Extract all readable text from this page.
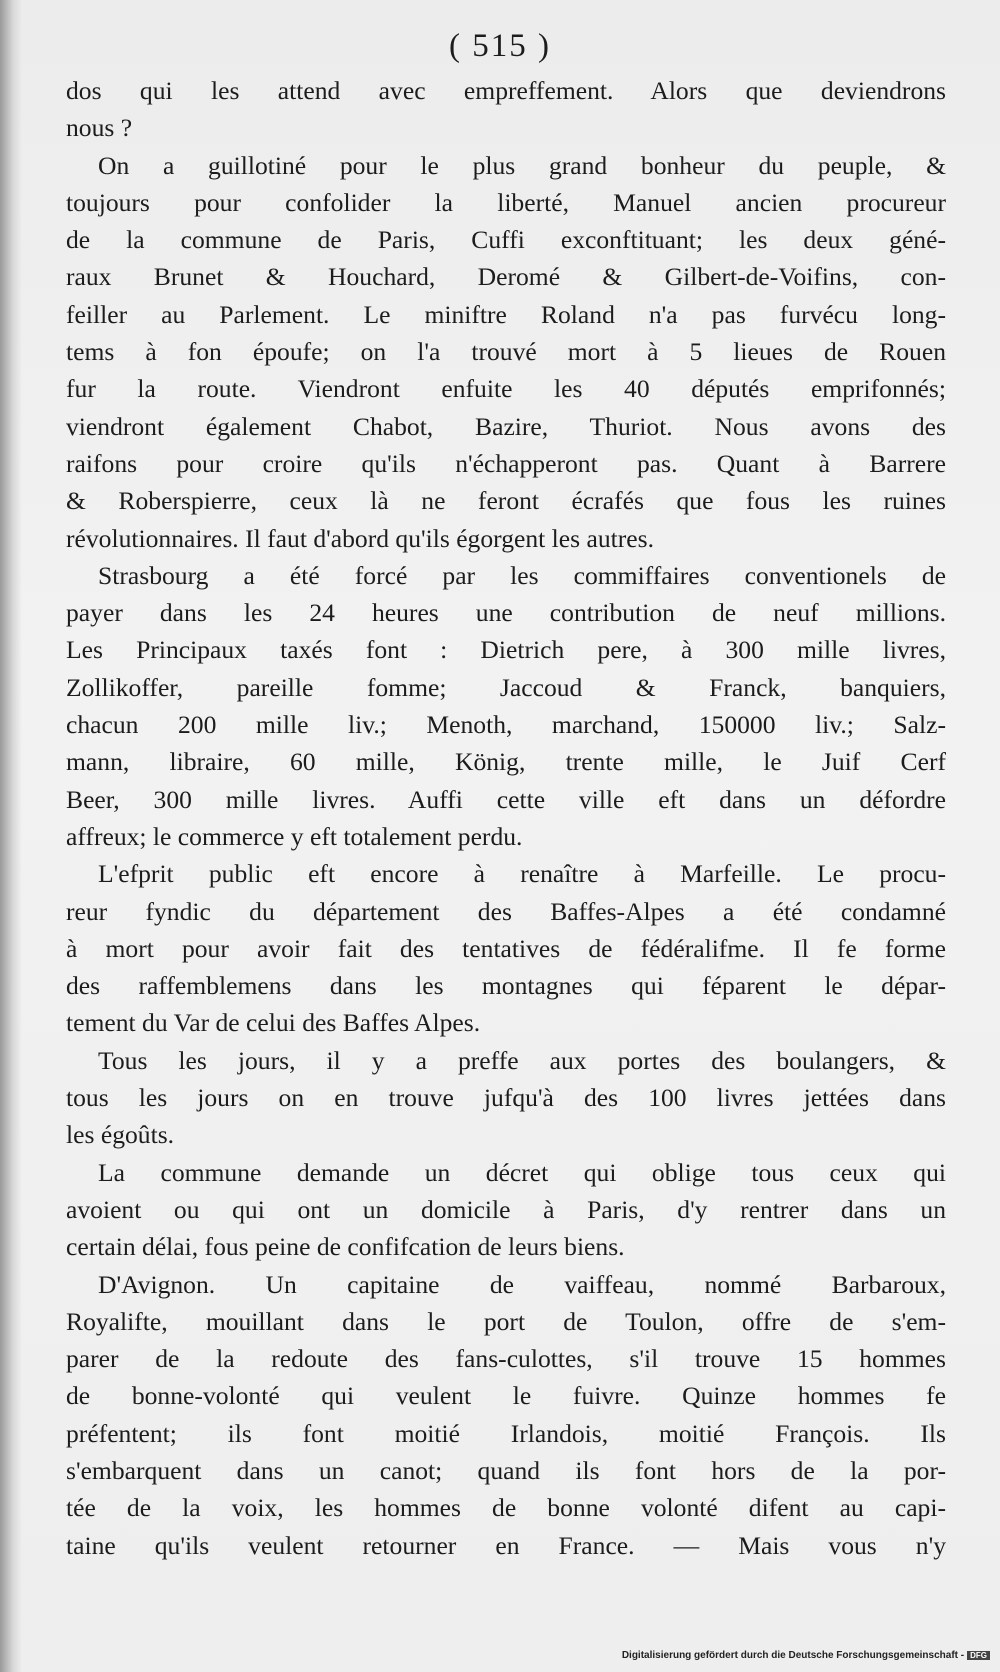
( 515 )
dos qui les attend avec empreffement. Alors que deviendrons
nous ?
On a guillotiné pour le plus grand bonheur du peuple, &
toujours pour confolider la liberté, Manuel ancien procureur
de la commune de Paris, Cuffi exconftituant; les deux géné-
raux Brunet & Houchard, Deromé & Gilbert-de-Voifins, con-
feiller au Parlement. Le miniftre Roland n'a pas furvécu long-
tems à fon époufe; on l'a trouvé mort à 5 lieues de Rouen
fur la route. Viendront enfuite les 40 députés emprifonnés;
viendront également Chabot, Bazire, Thuriot. Nous avons des
raifons pour croire qu'ils n'échapperont pas. Quant à Barrere
& Roberspierre, ceux là ne feront écrafés que fous les ruines
révolutionnaires. Il faut d'abord qu'ils égorgent les autres.
Strasbourg a été forcé par les commiffaires conventionels de
payer dans les 24 heures une contribution de neuf millions.
Les Principaux taxés font : Dietrich pere, à 300 mille livres,
Zollikoffer, pareille fomme; Jaccoud & Franck, banquiers,
chacun 200 mille liv.; Menoth, marchand, 150000 liv.; Salz-
mann, libraire, 60 mille, König, trente mille, le Juif Cerf
Beer, 300 mille livres. Auffi cette ville eft dans un défordre
affreux; le commerce y eft totalement perdu.
L'efprit public eft encore à renaître à Marfeille. Le procu-
reur fyndic du département des Baffes-Alpes a été condamné
à mort pour avoir fait des tentatives de fédéralifme. Il fe forme
des raffemblemens dans les montagnes qui féparent le dépar-
tement du Var de celui des Baffes Alpes.
Tous les jours, il y a preffe aux portes des boulangers, &
tous les jours on en trouve jufqu'à des 100 livres jettées dans
les égoûts.
La commune demande un décret qui oblige tous ceux qui
avoient ou qui ont un domicile à Paris, d'y rentrer dans un
certain délai, fous peine de confifcation de leurs biens.
D'Avignon. Un capitaine de vaiffeau, nommé Barbaroux,
Royalifte, mouillant dans le port de Toulon, offre de s'em-
parer de la redoute des fans-culottes, s'il trouve 15 hommes
de bonne-volonté qui veulent le fuivre. Quinze hommes fe
préfentent; ils font moitié Irlandois, moitié François. Ils
s'embarquent dans un canot; quand ils font hors de la por-
tée de la voix, les hommes de bonne volonté difent au capi-
taine qu'ils veulent retourner en France. — Mais vous n'y
Digitalisierung gefördert durch die Deutsche Forschungsgemeinschaft - DFG
